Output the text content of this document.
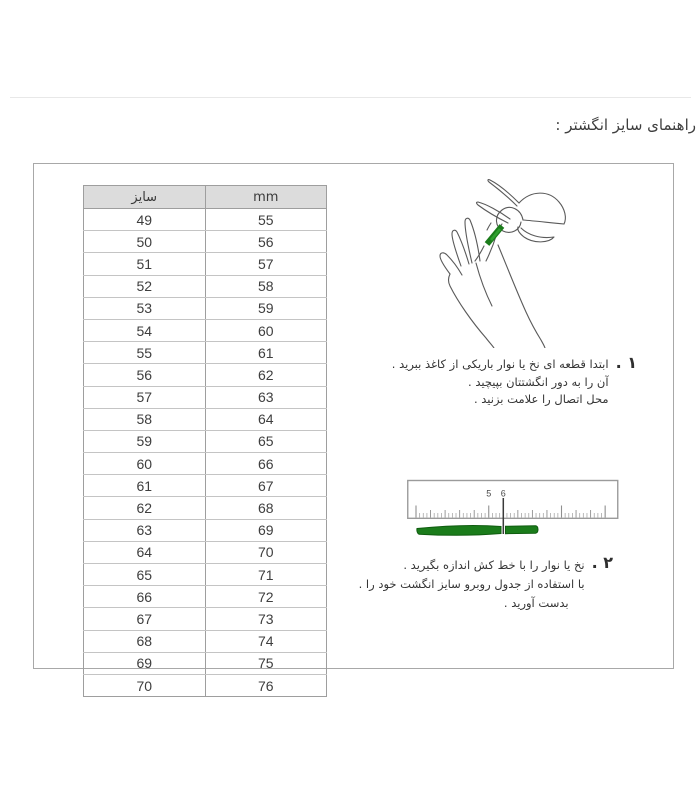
راهنمای سایز انگشتر :
سایز	mm
49	55
50	56
51	57
52	58
53	59
54	60
55	61
56	62
57	63
58	64
59	65
60	66
61	67
62	68
63	69
64	70
65	71
66	72
67	73
68	74
69	75
70	76
ابتدا قطعه ای نخ یا نوار باریکی از کاغذ ببرید .
آن را به دور انگشتتان بپیچید .
محل اتصال را علامت بزنید .
۱ .
5 6
نخ یا نوار را با خط کش اندازه بگیرید .
با استفاده از جدول روبرو سایز انگشت خود را .
بدست آورید .
۲ .
